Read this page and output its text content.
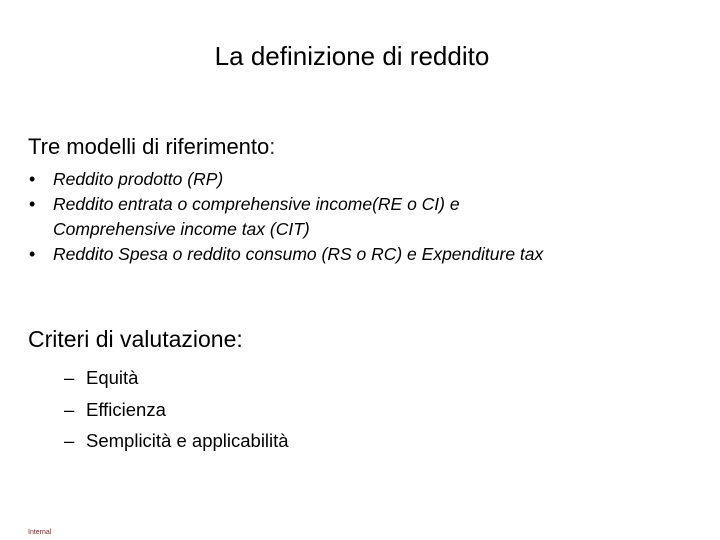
La definizione di reddito
Tre modelli di riferimento:
• Reddito prodotto (RP)
• Reddito entrata o comprehensive income(RE o CI) e
Comprehensive income tax (CIT)
• Reddito Spesa o reddito consumo (RS o RC) e Expenditure tax
Criteri di valutazione:
– Equità
– Efficienza
– Semplicità e applicabilità
Internal
